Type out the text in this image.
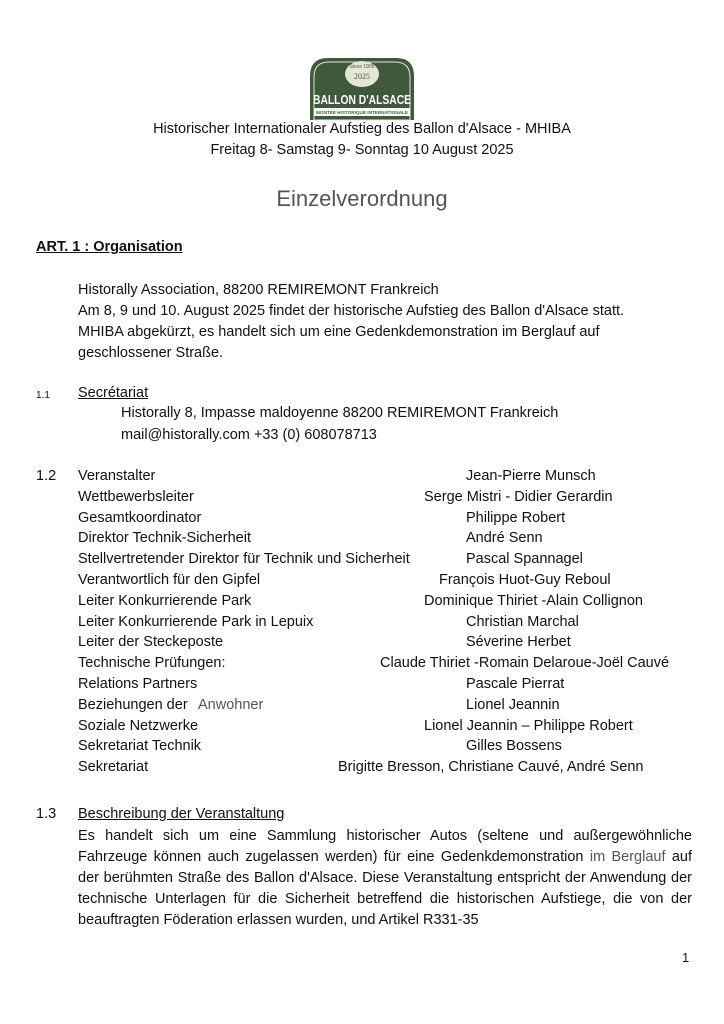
Since 1905
2025
BALLON D'ALSACE
MONTÉE HISTORIQUE INTERNATIONALE
Historischer Internationaler Aufstieg des Ballon d'Alsace - MHIBA
Freitag 8- Samstag 9- Sonntag 10 August 2025
Einzelverordnung
ART. 1 : Organisation
Historally Association, 88200 REMIREMONT Frankreich
Am 8, 9 und 10. August 2025 findet der historische Aufstieg des Ballon d'Alsace statt.
MHIBA abgekürzt, es handelt sich um eine Gedenkdemonstration im Berglauf auf
geschlossener Straße.
1.1 Secrétariat
Historally 8, Impasse maldoyenne 88200 REMIREMONT Frankreich
mail@historally.com +33 (0) 608078713
1.2 Veranstalter	Jean-Pierre Munsch
Wettbewerbsleiter	Serge Mistri - Didier Gerardin
Gesamtkoordinator	Philippe Robert
Direktor Technik-Sicherheit	André Senn
Stellvertretender Direktor für Technik und Sicherheit	Pascal Spannagel
Verantwortlich für den Gipfel	François Huot-Guy Reboul
Leiter Konkurrierende Park	Dominique Thiriet -Alain Collignon
Leiter Konkurrierende Park in Lepuix	Christian Marchal
Leiter der Steckeposte	Séverine Herbet
Technische Prüfungen:	Claude Thiriet -Romain Delaroue-Joël Cauvé
Relations Partners	Pascale Pierrat
Beziehungen der Anwohner	Lionel Jeannin
Soziale Netzwerke	Lionel Jeannin – Philippe Robert
Sekretariat Technik	Gilles Bossens
Sekretariat	Brigitte Bresson, Christiane Cauvé, André Senn
1.3 Beschreibung der Veranstaltung
Es handelt sich um eine Sammlung historischer Autos (seltene und außergewöhnliche Fahrzeuge können auch zugelassen werden) für eine Gedenkdemonstration im Berglauf auf der berühmten Straße des Ballon d'Alsace. Diese Veranstaltung entspricht der Anwendung der technische Unterlagen für die Sicherheit betreffend die historischen Aufstiege, die von der beauftragten Föderation erlassen wurden, und Artikel R331-35
1
